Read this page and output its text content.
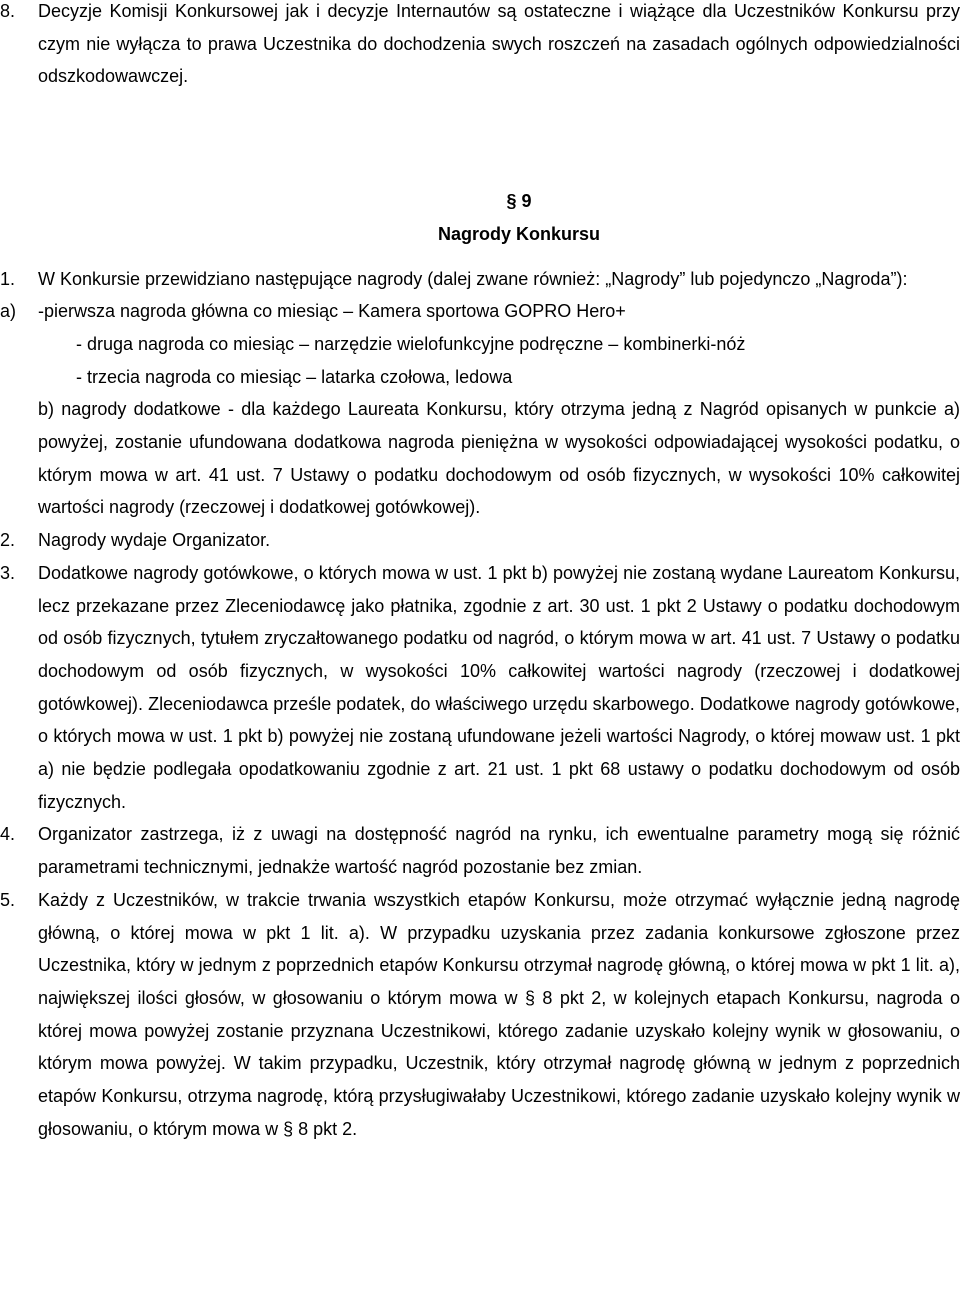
8. Decyzje Komisji Konkursowej jak i decyzje Internautów są ostateczne i wiążące dla Uczestników Konkursu przy czym nie wyłącza to prawa Uczestnika do dochodzenia swych roszczeń na zasadach ogólnych odpowiedzialności odszkodowawczej.

§ 9
Nagrody Konkursu
1. W Konkursie przewidziano następujące nagrody (dalej zwane również: „Nagrody” lub pojedynczo „Nagroda”):
a) -pierwsza nagroda główna co miesiąc – Kamera sportowa GOPRO Hero+
- druga nagroda co miesiąc – narzędzie wielofunkcyjne podręczne – kombinerki-nóż
- trzecia nagroda co miesiąc – latarka czołowa, ledowa

b) nagrody dodatkowe - dla każdego Laureata Konkursu, który otrzyma jedną z Nagród opisanych w punkcie a) powyżej, zostanie ufundowana dodatkowa nagroda pieniężna w wysokości odpowiadającej wysokości podatku, o którym mowa w art. 41 ust. 7 Ustawy o podatku dochodowym od osób fizycznych, w wysokości 10% całkowitej wartości nagrody (rzeczowej i dodatkowej gotówkowej).

2. Nagrody wydaje Organizator.

3. Dodatkowe nagrody gotówkowe, o których mowa w ust. 1 pkt b) powyżej nie zostaną wydane Laureatom Konkursu, lecz przekazane przez Zleceniodawcę jako płatnika, zgodnie z art. 30 ust. 1 pkt 2 Ustawy o podatku dochodowym od osób fizycznych, tytułem zryczałtowanego podatku od nagród, o którym mowa w art. 41 ust. 7 Ustawy o podatku dochodowym od osób fizycznych, w wysokości 10% całkowitej wartości nagrody (rzeczowej i dodatkowej gotówkowej). Zleceniodawca prześle podatek, do właściwego urzędu skarbowego. Dodatkowe nagrody gotówkowe, o których mowa w ust. 1 pkt b) powyżej nie zostaną ufundowane jeżeli wartości Nagrody, o której mowaw ust. 1 pkt a) nie będzie podlegała opodatkowaniu zgodnie z art. 21 ust. 1 pkt 68 ustawy o podatku dochodowym od osób fizycznych.

4. Organizator zastrzega, iż z uwagi na dostępność nagród na rynku, ich ewentualne parametry mogą się różnić parametrami technicznymi, jednakże wartość nagród pozostanie bez zmian.

5. Każdy z Uczestników, w trakcie trwania wszystkich etapów Konkursu, może otrzymać wyłącznie jedną nagrodę główną, o której mowa w pkt 1 lit. a). W przypadku uzyskania przez zadania konkursowe zgłoszone przez Uczestnika, który w jednym z poprzednich etapów Konkursu otrzymał nagrodę główną, o której mowa w pkt 1 lit. a), największej ilości głosów, w głosowaniu o którym mowa w § 8 pkt 2, w kolejnych etapach Konkursu, nagroda o której mowa powyżej zostanie przyznana Uczestnikowi, którego zadanie uzyskało kolejny wynik w głosowaniu, o którym mowa powyżej. W takim przypadku, Uczestnik, który otrzymał nagrodę główną w jednym z poprzednich etapów Konkursu, otrzyma nagrodę, którą przysługiwałaby Uczestnikowi, którego zadanie uzyskało kolejny wynik w głosowaniu, o którym mowa w § 8 pkt 2.
